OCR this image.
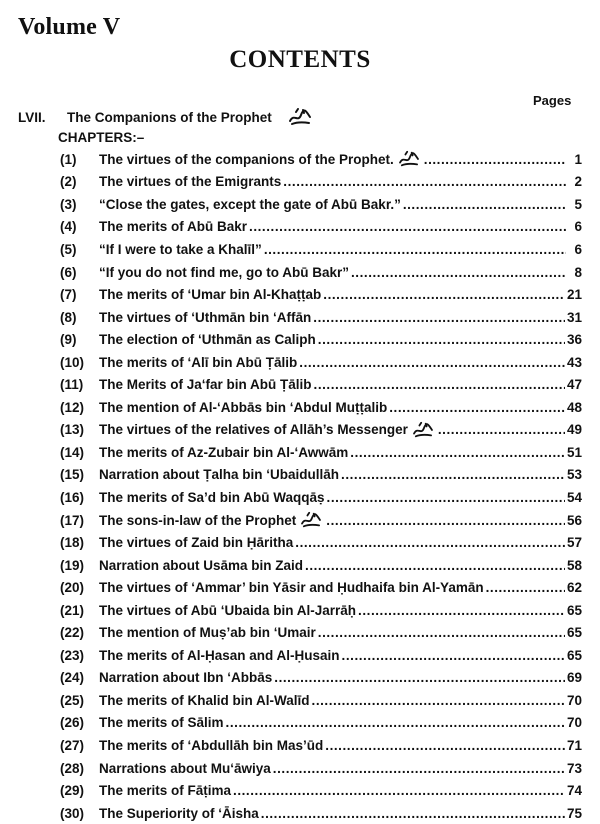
Volume V
CONTENTS
Pages
LVII.	The Companions of the Prophet
CHAPTERS:–
(1) The virtues of the companions of the Prophet. . . .	1
(2) The virtues of the Emigrants . . .	2
(3) “Close the gates, except the gate of Abū Bakr.” . . .	5
(4) The merits of Abū Bakr . . .	6
(5) “If I were to take a Khalīl” . . .	6
(6) “If you do not find me, go to Abū Bakr” . . .	8
(7) The merits of ‘Umar bin Al-Khaṭṭab . . .	21
(8) The virtues of ‘Uthmān bin ‘Affān . . .	31
(9) The election of ‘Uthmān as Caliph . . .	36
(10) The merits of ‘Alī bin Abū Ṭālib . . .	43
(11) The Merits of Ja‘far bin Abū Ṭālib . . .	47
(12) The mention of Al-‘Abbās bin ‘Abdul Muṭṭalib . . .	48
(13) The virtues of the relatives of Allāh’s Messenger . . .	49
(14) The merits of Az-Zubair bin Al-‘Awwām . . .	51
(15) Narration about Ṭalha bin ‘Ubaidullāh . . .	53
(16) The merits of Sa’d bin Abū Waqqāṣ . . .	54
(17) The sons-in-law of the Prophet . . .	56
(18) The virtues of Zaid bin Ḥāritha . . .	57
(19) Narration about Usāma bin Zaid . . .	58
(20) The virtues of ‘Ammar’ bin Yāsir and Ḥudhaifa bin Al-Yamān . . .	62
(21) The virtues of Abū ‘Ubaida bin Al-Jarrāḥ . . .	65
(22) The mention of Muṣ’ab bin ‘Umair . . .	65
(23) The merits of Al-Ḥasan and Al-Ḥusain . . .	65
(24) Narration about Ibn ‘Abbās . . .	69
(25) The merits of Khalid bin Al-Walīd . . .	70
(26) The merits of Sālim . . .	70
(27) The merits of ‘Abdullāh bin Mas’ūd . . .	71
(28) Narrations about Mu‘āwiya . . .	73
(29) The merits of Fāṭima . . .	74
(30) The Superiority of ‘Āisha . . .	75
